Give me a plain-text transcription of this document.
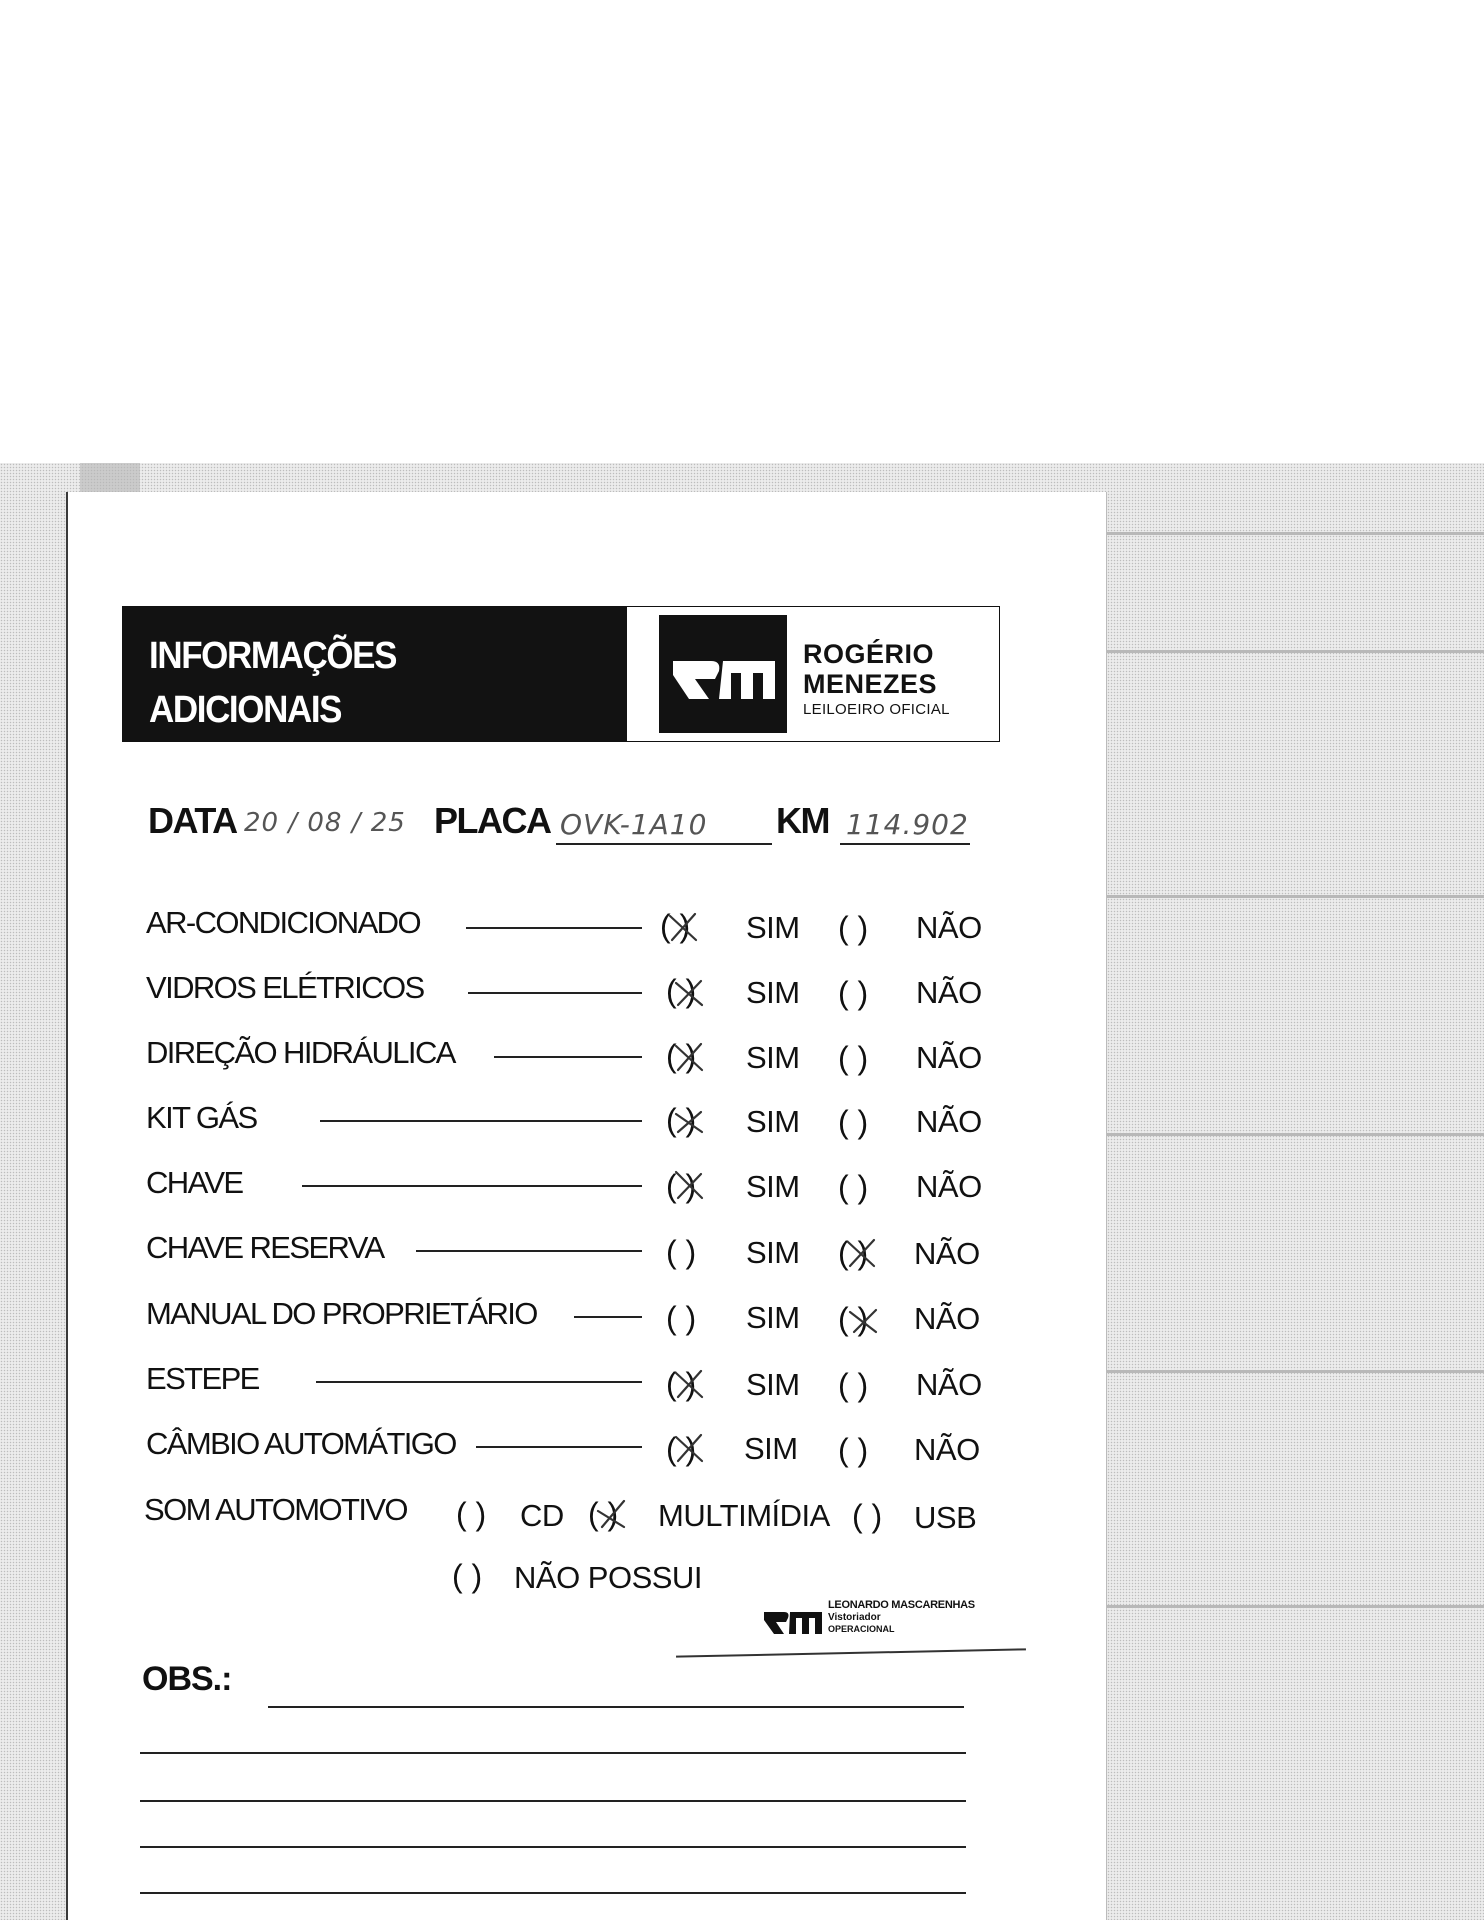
INFORMAÇÕES
ADICIONAIS
ROGÉRIO
MENEZES
LEILOEIRO OFICIAL
DATA 20 / 08 / 25 PLACA OVK-1A10 KM 114.902
AR-CONDICIONADO	( ) SIM ( ) NÃO
VIDROS ELÉTRICOS	( ) SIM ( ) NÃO
DIREÇÃO HIDRÁULICA	( ) SIM ( ) NÃO
KIT GÁS	( ) SIM ( ) NÃO
CHAVE	( ) SIM ( ) NÃO
CHAVE RESERVA	( ) SIM ( ) NÃO
MANUAL DO PROPRIETÁRIO	( ) SIM ( ) NÃO
ESTEPE	( ) SIM ( ) NÃO
CÂMBIO AUTOMÁTIGO	( ) SIM ( ) NÃO
SOM AUTOMOTIVO ( ) CD ( ) MULTIMÍDIA ( ) USB
( ) NÃO POSSUI
LEONARDO MASCARENHAS
Vistoriador
OPERACIONAL
OBS.:
